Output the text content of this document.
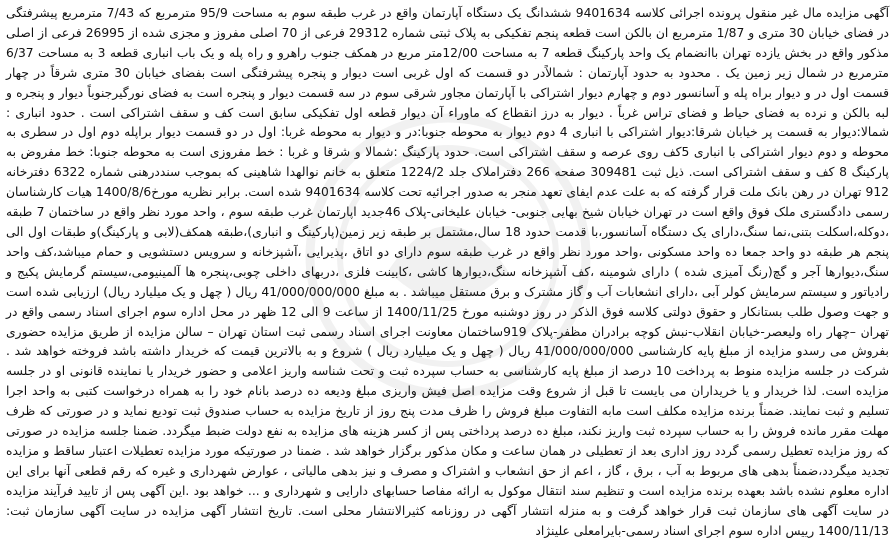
آگهی مزایده مال غیر منقول پرونده اجرائی کلاسه 9401634 ششدانگ یک دستگاه آپارتمان واقع در غرب طبقه سوم به مساحت 95/9 مترمربع که 7/43 مترمربع پیشرفتگی در فضای خیابان 30 متری و 1/87 مترمربع ان بالکن است قطعه پنجم تفکیکی به پلاک ثبتی شماره 29312 فرعی از 70 اصلی مفروز و مجزی شده از 26995 فرعی از اصلی مذکور واقع در بخش یازده تهران باانضمام یک واحد پارکینگ قطعه 7 به مساحت 12/00متر مربع در همکف جنوب راهرو و راه پله و یک باب انباری قطعه 3 به مساحت 6/37 مترمربع در شمال زیر زمین یک . محدود به حدود آپارتمان : شمالاًدر دو قسمت که اول غربی است دیوار و پنجره پیشرفتگی است بفضای خیابان 30 متری شرقاً در چهار قسمت اول در و دیوار براه پله و آسانسور دوم و چهارم دیوار اشتراکی با آپارتمان مجاور شرقی سوم در سه قسمت دیوار و پنجره است به فضای نورگیرجنوباً دیوار و پنجره و لبه بالکن و نرده به فضای حیاط و فضای تراس غرباً . دیوار به درز انقطاع که ماوراء آن دیوار قطعه اول تفکیکی سابق است کف و سقف اشتراکی است . حدود انباری : شمالا:دیوار به قسمت پر خیابان شرقا:دیوار اشتراکی با انباری 4 دوم دیوار به محوطه جنوبا:در و دیوار به محوطه غربا: اول در دو قسمت دیوار براپله دوم اول در سطری به محوطه و دوم دیوار اشتراکی با انباری 5کف روی عرصه و سقف اشتراکی است. حدود پارکینگ :شمالا و شرقا و غربا : خط مفروزی است به محوطه جنوبا: خط مفروض به پارکینگ 8 کف و سقف اشتراکی است. ذیل ثبت 309481 صفحه 266 دفتراملاک جلد 1224/2 متعلق به خانم نوالهدا شاهینی که بموجب سنددرهنی شماره 6322 دفترخانه 912 تهران در رهن بانک ملت قرار گرفته که به علت عدم ایفای تعهد منجر به صدور اجرائیه تحت کلاسه 9401634 شده است. برابر نظریه مورخ1400/8/6 هیات کارشناسان رسمی دادگستری ملک فوق واقع است در تهران خیابان شیخ بهایی جنوبی- خیابان علیخانی-پلاک 46جدید اپارتمان غرب طبقه سوم ، واحد مورد نظر واقع در ساختمان 7 طبقه ،دوکله،اسکلت بتنی،نما سنگ،دارای یک دستگاه آسانسور،با قدمت حدود 18 سال،مشتمل بر طبقه زیر زمین(پارکینگ و انباری)،طبقه همکف(لابی و پارکینگ)و طبقات اول الی پنجم هر طبقه دو واحد جمعا ده واحد مسکونی ،واحد مورد نظر واقع در غرب طبقه سوم دارای دو اتاق ،پذیرایی ،آشپزخانه و سرویس دستشویی و حمام میباشد،کف واحد سنگ،دیوارها آجر و گچ(رنگ آمیزی شده ) دارای شومینه ،کف آشپزخانه سنگ،دیوارها کاشی ،کابینت فلزی ،دربهای داخلی چوبی،پنجره ها آلمینیومی،سیستم گرمایش پکیج و رادیاتور و سیستم سرمایش کولر آبی ،دارای انشعابات آب و گاز مشترک و برق مستقل میباشد . به مبلغ 41/000/000/000 ریال ( چهل و یک میلیارد ریال) ارزیابی شده است و جهت وصول طلب بستانکار و حقوق دولتی کلاسه فوق الذکر در روز دوشنبه مورخ 1400/11/25 از ساعت 9 الی 12 ظهر در محل اداره سوم اجرای اسناد رسمی واقع در تهران –چهار راه ولیعصر-خیابان انقلاب-نبش کوچه برادران مظفر-پلاک 919ساختمان معاونت اجرای اسناد رسمی ثبت استان تهران – سالن مزایده از طریق مزایده حضوری بفروش می رسدو مزایده از مبلغ پایه کارشناسی 41/000/000/000 ریال ( چهل و یک میلیارد ریال ) شروع و به بالاترین قیمت که خریدار داشته باشد فروخته خواهد شد . شرکت در جلسه مزایده منوط به پرداخت 10 درصد از مبلغ پایه کارشناسی به حساب سپرده ثبت و تحت شناسه واریز اعلامی و حضور خریدار یا نماینده قانونی او در جلسه مزایده است. لذا خریدار و یا خریداران می بایست تا قبل از شروع وقت مزایده اصل فیش واریزی مبلغ ودیعه ده درصد بانام خود را به همراه درخواست کتبی به واحد اجرا تسلیم و ثبت نمایند. ضمناً برنده مزایده مکلف است مابه التفاوت مبلغ فروش را ظرف مدت پنج روز از تاریخ مزایده به حساب صندوق ثبت تودیع نماید و در صورتی که ظرف مهلت مقرر مانده فروش را به حساب سپرده ثبت واریز نکند، مبلغ ده درصد پرداختی پس از کسر هزینه های مزایده به نفع دولت ضبط میگردد. ضمنا جلسه مزایده در صورتی که روز مزایده تعطیل رسمی گردد روز اداری بعد از تعطیلی در همان ساعت و مکان مذکور برگزار خواهد شد . ضمنا در صورتیکه مورد مزایده تعطیلات اعتبار ساقط و مزایده تجدید میگردد،ضمناً بدهی های مربوط به آب ، برق ، گاز ، اعم از حق انشعاب و اشتراک و مصرف و نیز بدهی مالیاتی ، عوارض شهرداری و غیره که رقم قطعی آنها برای این اداره معلوم نشده باشد بعهده برنده مزایده است و تنظیم سند انتقال موکول به ارائه مفاصا حسابهای دارایی و شهرداری و ... خواهد بود .این آگهی پس از تایید فرآیند مزایده در سایت آگهی های سازمان ثبت قرار خواهد گرفت و به منزله انتشار آگهی در روزنامه کثیرالانتشار محلی است. تاریخ انتشار آگهی مزایده در سایت آگهی سازمان ثبت: 1400/11/13 رییس اداره سوم اجرای اسناد رسمی-بایرامعلی علینژاد
